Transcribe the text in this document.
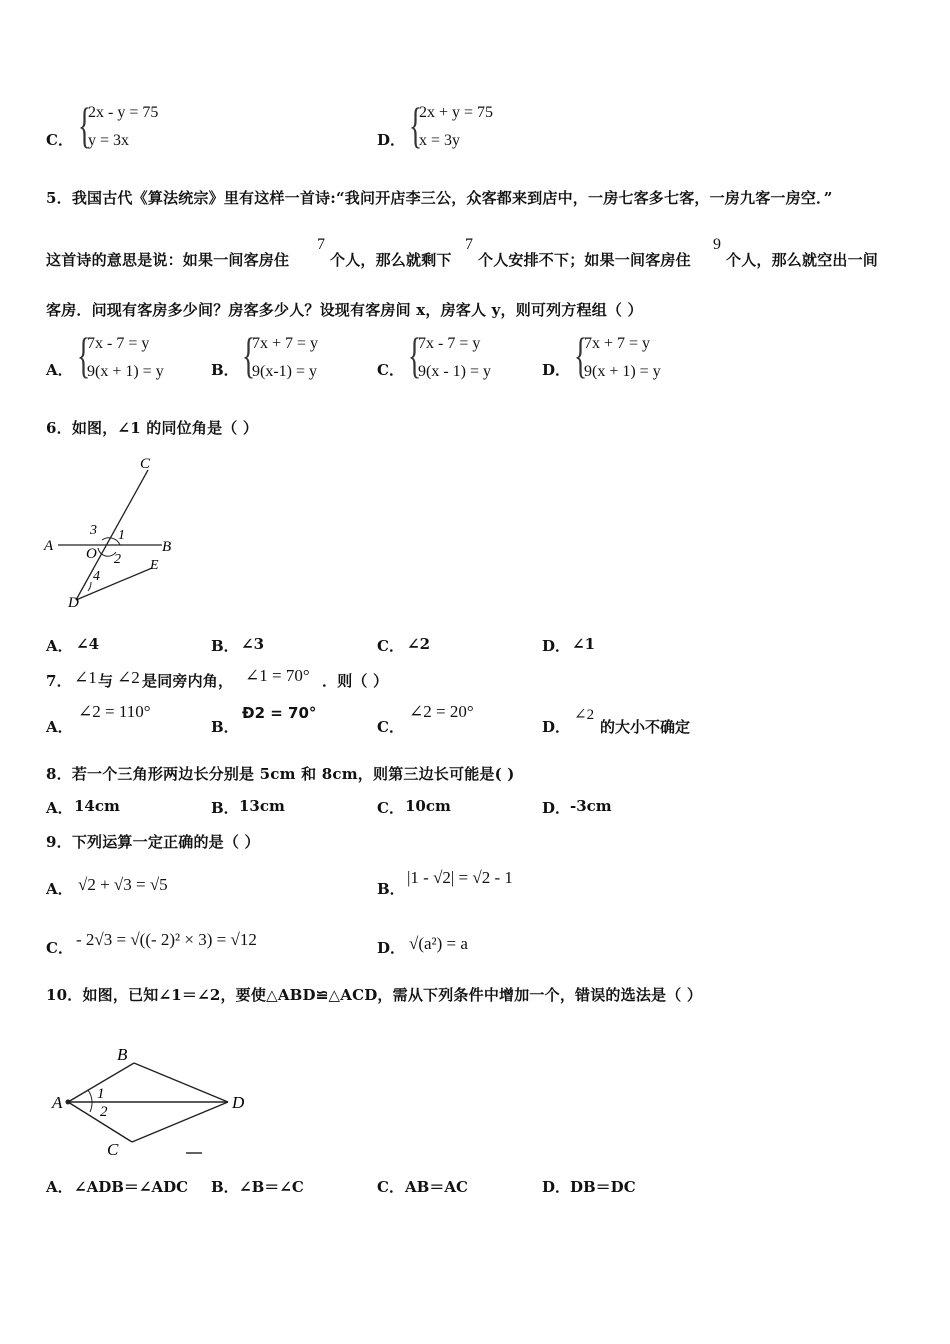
C． {
2x - y = 75
y = 3x	D． {
2x + y = 75
x = 3y
5．我国古代《算法统宗》里有这样一首诗:“我问开店李三公，众客都来到店中，一房七客多七客，一房九客一房空．”
这首诗的意思是说：如果一间客房住
7
个人，那么就剩下
7
个人安排不下；如果一间客房住
9
个人，那么就空出一间
客房．问现有客房多少间？房客多少人？设现有客房间 x，房客人 y，则可列方程组（ ）
A． {
7x - 7 = y
9(x + 1) = y	B． {
7x + 7 = y
9(x-1) = y	C． {
7x - 7 = y
9(x - 1) = y	D． {
7x + 7 = y
9(x + 1) = y
6．如图，∠1 的同位角是（ ）
C
A	B
O
E
D
1
2
3
4
A． ∠4	B． ∠3	C． ∠2	D． ∠1
7． ∠1 与 ∠2 是同旁内角， ∠1 = 70° ．则（ ）
A．
∠2 = 110°
B．
Ð2 = 70°
C．
∠2 = 20°
D．
∠2
的大小不确定
8．若一个三角形两边长分别是 5cm 和 8cm，则第三边长可能是( )
A． 14cm	B． 13cm	C． 10cm	D． -3cm
9．下列运算一定正确的是（ ）
A． √2 + √3 = √5	B．
|1 - √2| = √2 - 1
C． - 2√3 = √((- 2)² × 3) = √12	D． √(a²) = a
10．如图，已知∠1＝∠2，要使△ABD≌△ACD，需从下列条件中增加一个，错误的选法是（ ）
A
B
C
D
1
2
A． ∠ADB＝∠ADC B． ∠B＝∠C	C． AB＝AC	D． DB＝DC
